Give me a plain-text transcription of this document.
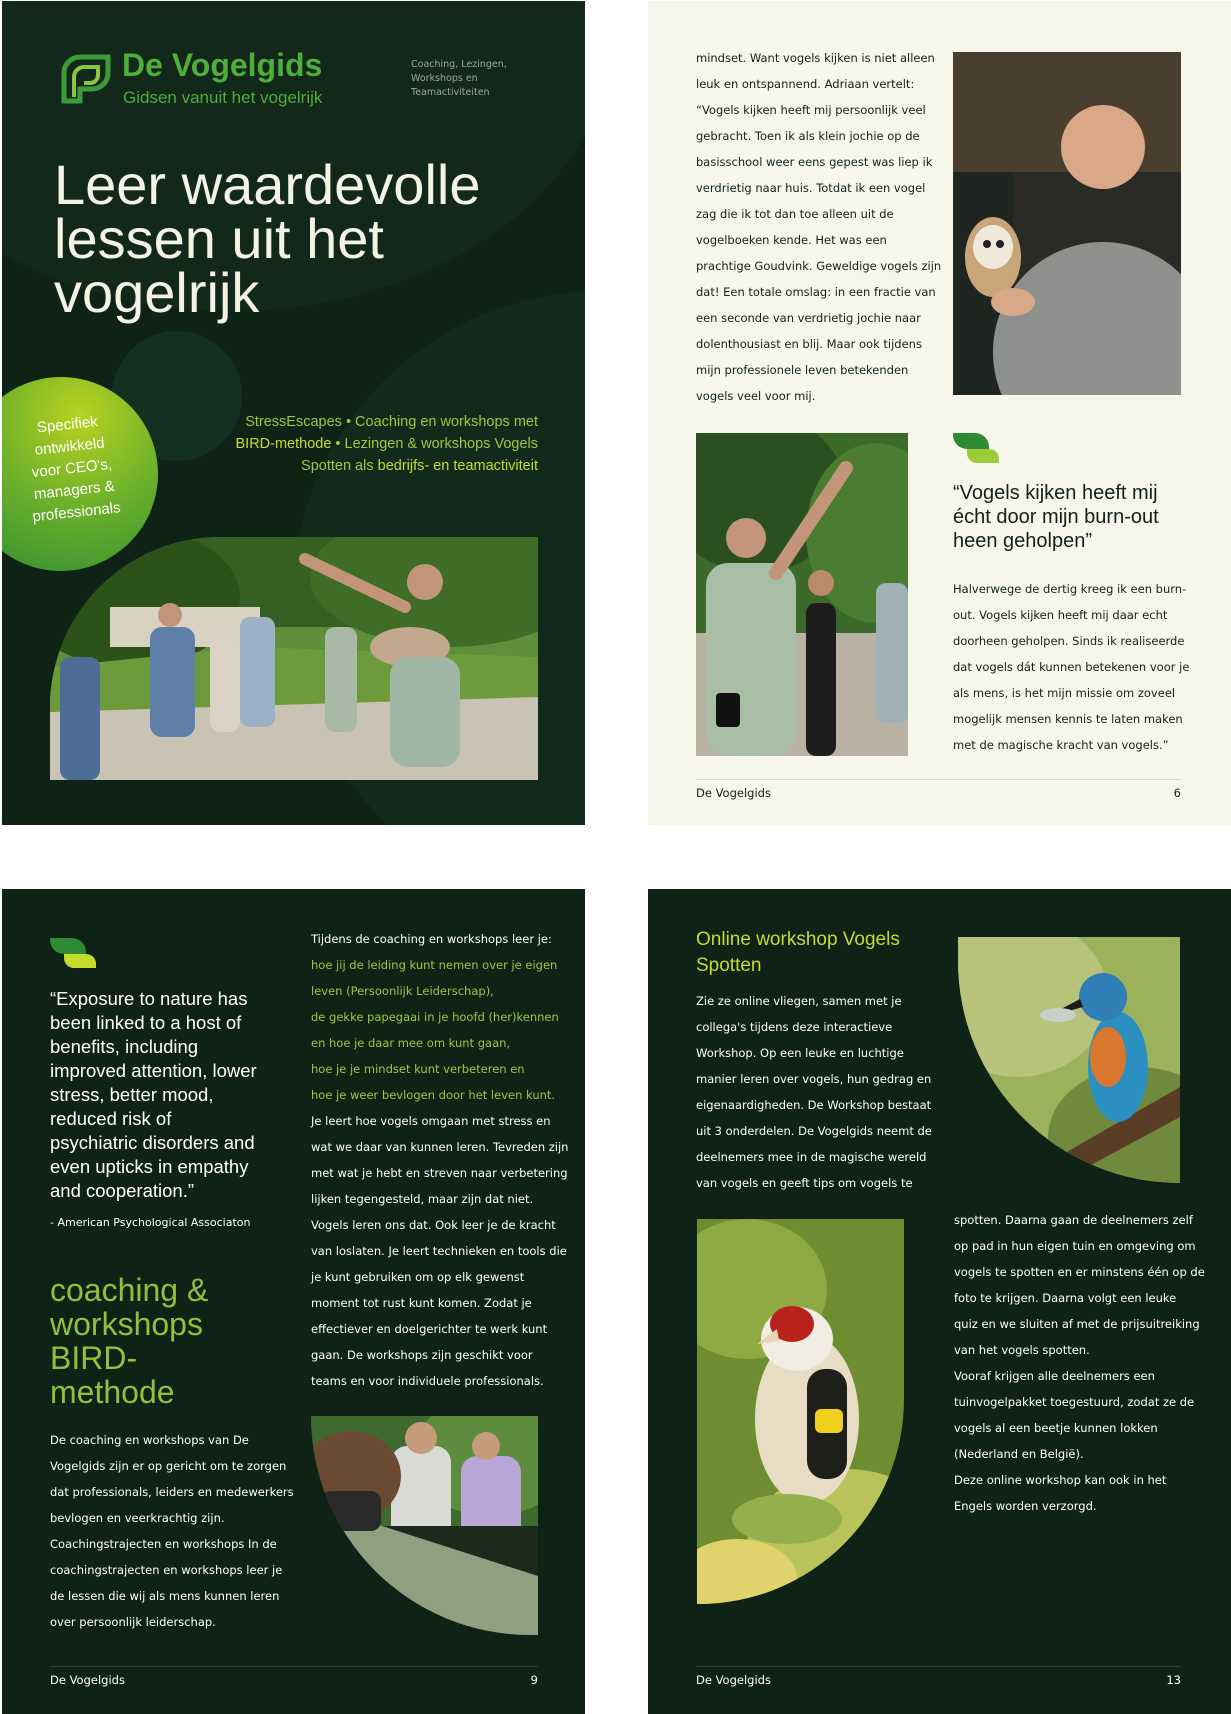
De Vogelgids
Gidsen vanuit het vogelrijk
Coaching, Lezingen,
Workshops en
Teamactiviteiten
Leer waardevolle
lessen uit het
vogelrijk
Specifiek
ontwikkeld
voor CEO's,
managers &
professionals
StressEscapes • Coaching en workshops met
BIRD-methode • Lezingen & workshops Vogels
Spotten als bedrijfs- en teamactiviteit
mindset. Want vogels kijken is niet alleen
leuk en ontspannend. Adriaan vertelt:
“Vogels kijken heeft mij persoonlijk veel
gebracht. Toen ik als klein jochie op de
basisschool weer eens gepest was liep ik
verdrietig naar huis. Totdat ik een vogel
zag die ik tot dan toe alleen uit de
vogelboeken kende. Het was een
prachtige Goudvink. Geweldige vogels zijn
dat! Een totale omslag: in een fractie van
een seconde van verdrietig jochie naar
dolenthousiast en blij. Maar ook tijdens
mijn professionele leven betekenden
vogels veel voor mij.
“Vogels kijken heeft mij
écht door mijn burn-out
heen geholpen”
Halverwege de dertig kreeg ik een burn-
out. Vogels kijken heeft mij daar echt
doorheen geholpen. Sinds ik realiseerde
dat vogels dát kunnen betekenen voor je
als mens, is het mijn missie om zoveel
mogelijk mensen kennis te laten maken
met de magische kracht van vogels.”
De Vogelgids	6
“Exposure to nature has
been linked to a host of
benefits, including
improved attention, lower
stress, better mood,
reduced risk of
psychiatric disorders and
even upticks in empathy
and cooperation.”
- American Psychological Associaton
coaching &
workshops
BIRD-
methode
De coaching en workshops van De
Vogelgids zijn er op gericht om te zorgen
dat professionals, leiders en medewerkers
bevlogen en veerkrachtig zijn.
Coachingstrajecten en workshops In de
coachingstrajecten en workshops leer je
de lessen die wij als mens kunnen leren
over persoonlijk leiderschap.
Tijdens de coaching en workshops leer je:
hoe jij de leiding kunt nemen over je eigen
leven (Persoonlijk Leiderschap),
de gekke papegaai in je hoofd (her)kennen
en hoe je daar mee om kunt gaan,
hoe je je mindset kunt verbeteren en
hoe je weer bevlogen door het leven kunt.
Je leert hoe vogels omgaan met stress en
wat we daar van kunnen leren. Tevreden zijn
met wat je hebt en streven naar verbetering
lijken tegengesteld, maar zijn dat niet.
Vogels leren ons dat. Ook leer je de kracht
van loslaten. Je leert technieken en tools die
je kunt gebruiken om op elk gewenst
moment tot rust kunt komen. Zodat je
effectiever en doelgerichter te werk kunt
gaan. De workshops zijn geschikt voor
teams en voor individuele professionals.
De Vogelgids	9
Online workshop Vogels
Spotten
Zie ze online vliegen, samen met je
collega's tijdens deze interactieve
Workshop. Op een leuke en luchtige
manier leren over vogels, hun gedrag en
eigenaardigheden. De Workshop bestaat
uit 3 onderdelen. De Vogelgids neemt de
deelnemers mee in de magische wereld
van vogels en geeft tips om vogels te
spotten. Daarna gaan de deelnemers zelf
op pad in hun eigen tuin en omgeving om
vogels te spotten en er minstens één op de
foto te krijgen. Daarna volgt een leuke
quiz en we sluiten af met de prijsuitreiking
van het vogels spotten.
Vooraf krijgen alle deelnemers een
tuinvogelpakket toegestuurd, zodat ze de
vogels al een beetje kunnen lokken
(Nederland en België).
Deze online workshop kan ook in het
Engels worden verzorgd.
De Vogelgids	13
